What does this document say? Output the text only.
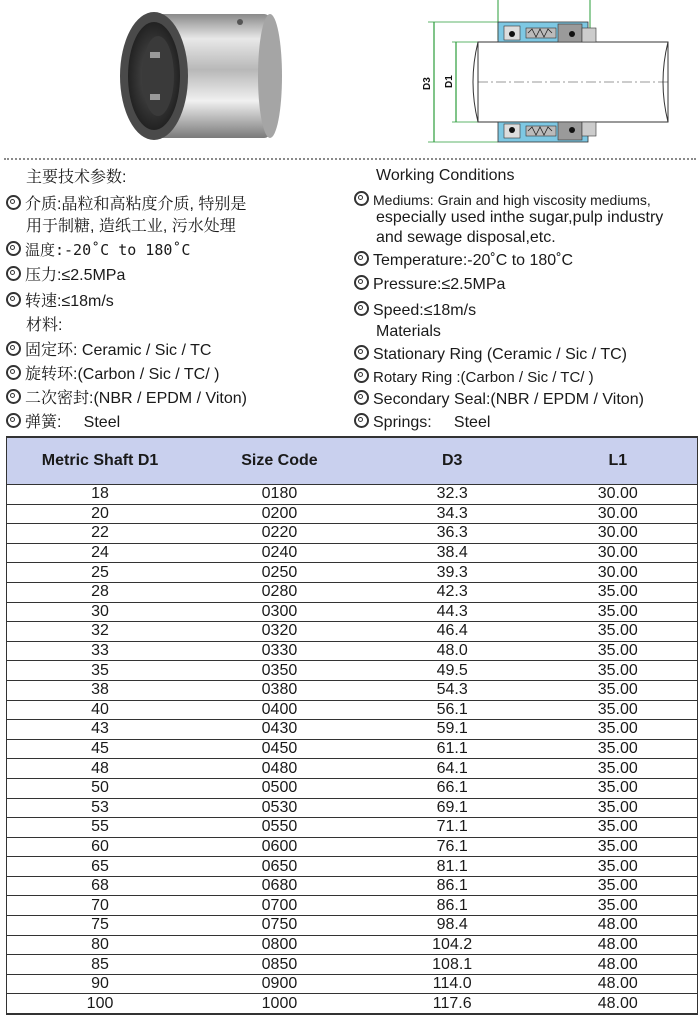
D3 D1
主要技术参数:
介质:晶粒和高粘度介质, 特别是
用于制糖, 造纸工业, 污水处理
温度:-20˚C to 180˚C
压力:≤2.5MPa
转速:≤18m/s
材料:
固定环: Ceramic / Sic / TC
旋转环:(Carbon / Sic / TC/ )
二次密封:(NBR / EPDM / Viton)
弹簧:     Steel
Working Conditions
Mediums: Grain and high viscosity mediums,
especially used inthe sugar,pulp industry
and sewage disposal,etc.
Temperature:-20˚C to 180˚C
Pressure:≤2.5MPa
Speed:≤18m/s
Materials
Stationary Ring (Ceramic / Sic / TC)
Rotary Ring :(Carbon / Sic / TC/ )
Secondary Seal:(NBR / EPDM / Viton)
Springs:     Steel
Metric Shaft D1	Size Code	D3	L1
18	0180	32.3	30.00
20	0200	34.3	30.00
22	0220	36.3	30.00
24	0240	38.4	30.00
25	0250	39.3	30.00
28	0280	42.3	35.00
30	0300	44.3	35.00
32	0320	46.4	35.00
33	0330	48.0	35.00
35	0350	49.5	35.00
38	0380	54.3	35.00
40	0400	56.1	35.00
43	0430	59.1	35.00
45	0450	61.1	35.00
48	0480	64.1	35.00
50	0500	66.1	35.00
53	0530	69.1	35.00
55	0550	71.1	35.00
60	0600	76.1	35.00
65	0650	81.1	35.00
68	0680	86.1	35.00
70	0700	86.1	35.00
75	0750	98.4	48.00
80	0800	104.2	48.00
85	0850	108.1	48.00
90	0900	114.0	48.00
100	1000	117.6	48.00
